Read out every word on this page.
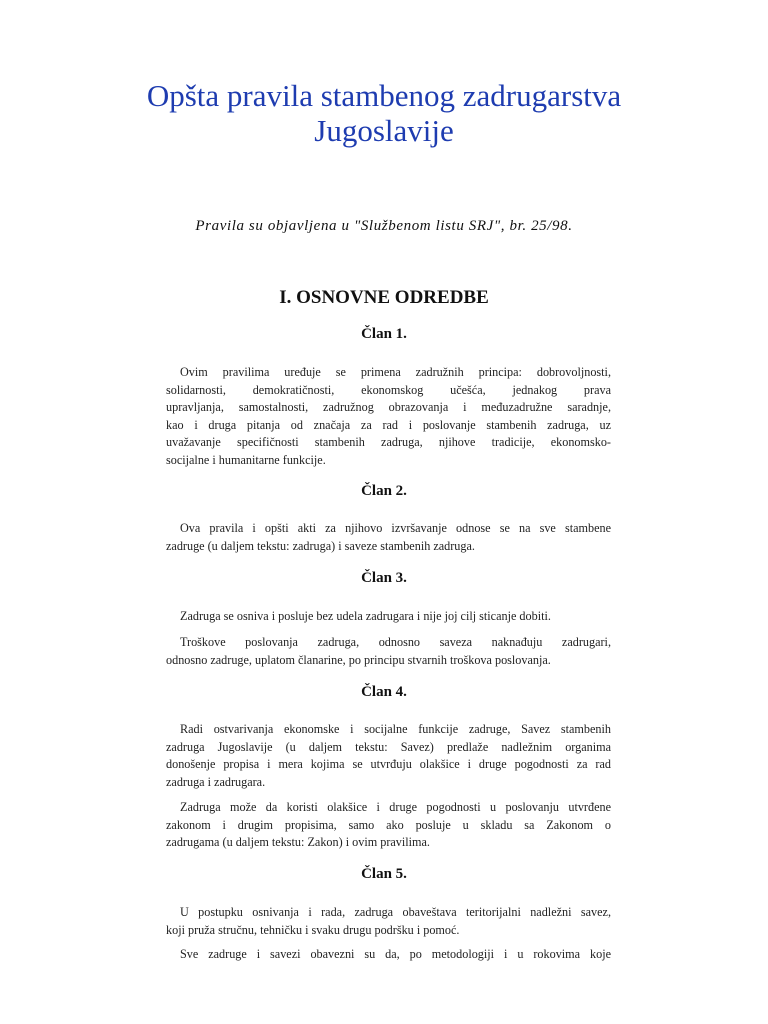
Opšta pravila stambenog zadrugarstva
Jugoslavije

Pravila su objavljena u "Službenom listu SRJ", br. 25/98.

I. OSNOVNE ODREDBE
Član 1.

Ovim pravilima uređuje se primena zadružnih principa: dobrovoljnosti,
solidarnosti, demokratičnosti, ekonomskog učešća, jednakog prava
upravljanja, samostalnosti, zadružnog obrazovanja i međuzadružne saradnje,
kao i druga pitanja od značaja za rad i poslovanje stambenih zadruga, uz
uvažavanje specifičnosti stambenih zadruga, njihove tradicije, ekonomsko-
socijalne i humanitarne funkcije.

Član 2.

Ova pravila i opšti akti za njihovo izvršavanje odnose se na sve stambene
zadruge (u daljem tekstu: zadruga) i saveze stambenih zadruga.

Član 3.

Zadruga se osniva i posluje bez udela zadrugara i nije joj cilj sticanje dobiti.

Troškove poslovanja zadruga, odnosno saveza naknađuju zadrugari,
odnosno zadruge, uplatom članarine, po principu stvarnih troškova poslovanja.

Član 4.

Radi ostvarivanja ekonomske i socijalne funkcije zadruge, Savez stambenih
zadruga Jugoslavije (u daljem tekstu: Savez) predlaže nadležnim organima
donošenje propisa i mera kojima se utvrđuju olakšice i druge pogodnosti za rad
zadruga i zadrugara.

Zadruga može da koristi olakšice i druge pogodnosti u poslovanju utvrđene
zakonom i drugim propisima, samo ako posluje u skladu sa Zakonom o
zadrugama (u daljem tekstu: Zakon) i ovim pravilima.

Član 5.

U postupku osnivanja i rada, zadruga obaveštava teritorijalni nadležni savez,
koji pruža stručnu, tehničku i svaku drugu podršku i pomoć.

Sve zadruge i savezi obavezni su da, po metodologiji i u rokovima koje
